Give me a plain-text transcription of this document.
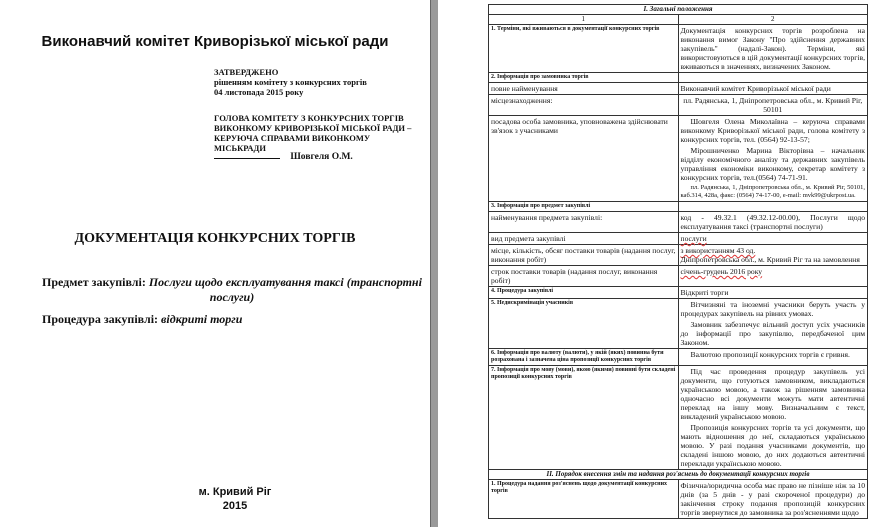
Виконавчий комітет Криворізької міської ради
ЗАТВЕРДЖЕНО
рішенням комітету з конкурсних торгів
04 листопада 2015 року
ГОЛОВА КОМІТЕТУ З КОНКУРСНИХ ТОРГІВ ВИКОНКОМУ КРИВОРІЗЬКОЇ МІСЬКОЇ РАДИ – КЕРУЮЧА СПРАВАМИ ВИКОНКОМУ МІСЬКРАДИ
Шовгеля О.М.
ДОКУМЕНТАЦІЯ КОНКУРСНИХ ТОРГІВ
Предмет закупівлі: Послуги щодо експлуатування таксі (транспортні
послуги)
Процедура закупівлі: відкриті торги
м. Кривий Ріг
2015
І. Загальні положення	
1	2
1. Терміни, які вживаються в документації конкурсних торгів	Документація конкурсних торгів розроблена на виконання вимог Закону "Про здійснення державних закупівель" (надалі-Закон). Терміни, які використовуються в цій документації конкурсних торгів, вживаються в значеннях, визначених Законом.
2. Інформація про замовника торгів	
повне найменування	Виконавчий комітет Криворізької міської ради
місцезнаходження:	пл. Радянська, 1, Дніпропетровська обл., м. Кривий Ріг, 50101
посадова особа замовника, уповноважена здійснювати зв'язок з учасниками	Шовгеля Олена Миколаївна – керуюча справами виконкому Криворізької міської ради, голова комітету з конкурсних торгів, тел. (0564) 92-13-57;

Мірошниченко Марина Вікторівна – начальник відділу економічного аналізу та державних закупівель управління економіки виконкому, секретар комітету з конкурсних торгів, тел.(0564) 74-71-91.

пл. Радянська, 1, Дніпропетровська обл., м. Кривий Ріг, 50101, каб.314, 428а, факс: (0564) 74-17-00, e-mail: mvk99@ukrpost.ua.

3. Інформація про предмет закупівлі	
найменування предмета закупівлі:	код - 49.32.1 (49.32.12-00.00), Послуги щодо експлуатування таксі (транспортні послуги)
вид предмета закупівлі	послуги
місце, кількість, обсяг поставки товарів (надання послуг, виконання робіт)	з використанням 43 од.
Дніпропетровська обл., м. Кривий Ріг та на замовлення

строк поставки товарів (надання послуг, виконання робіт)	січень-грудень 2016 року
4. Процедура закупівлі	Відкриті торги
5. Недискримінація учасників	Вітчизняні та іноземні учасники беруть участь у процедурах закупівель на рівних умовах.

Замовник забезпечує вільний доступ усіх учасників до інформації про закупівлю, передбаченої цим Законом.

6. Інформація про валюту (валюти), у якій (яких) повинна бути розрахована і зазначена ціна пропозиції конкурсних торгів	Валютою пропозиції конкурсних торгів є гривня.

7. Інформація про мову (мови), якою (якими) повинні бути складені пропозиції конкурсних торгів	Під час проведення процедур закупівель усі документи, що готуються замовником, викладаються українською мовою, а також за рішенням замовника одночасно всі документи можуть мати автентичні переклад на іншу мову. Визначальним є текст, викладений українською мовою.

Пропозиція конкурсних торгів та усі документи, що мають відношення до неї, складаються українською мовою. У разі подання учасниками документів, що складені іншою мовою, до них додаються автентичні переклади українською мовою.

ІІ. Порядок внесення змін та надання роз'яснень до документації конкурсних торгів	
1. Процедура надання роз'яснень щодо документації конкурсних торгів	Фізична/юридична особа має право не пізніше ніж за 10 днів (за 5 днів - у разі скороченої процедури) до закінчення строку подання пропозицій конкурсних торгів звернутися до замовника за роз'ясненнями щодо
